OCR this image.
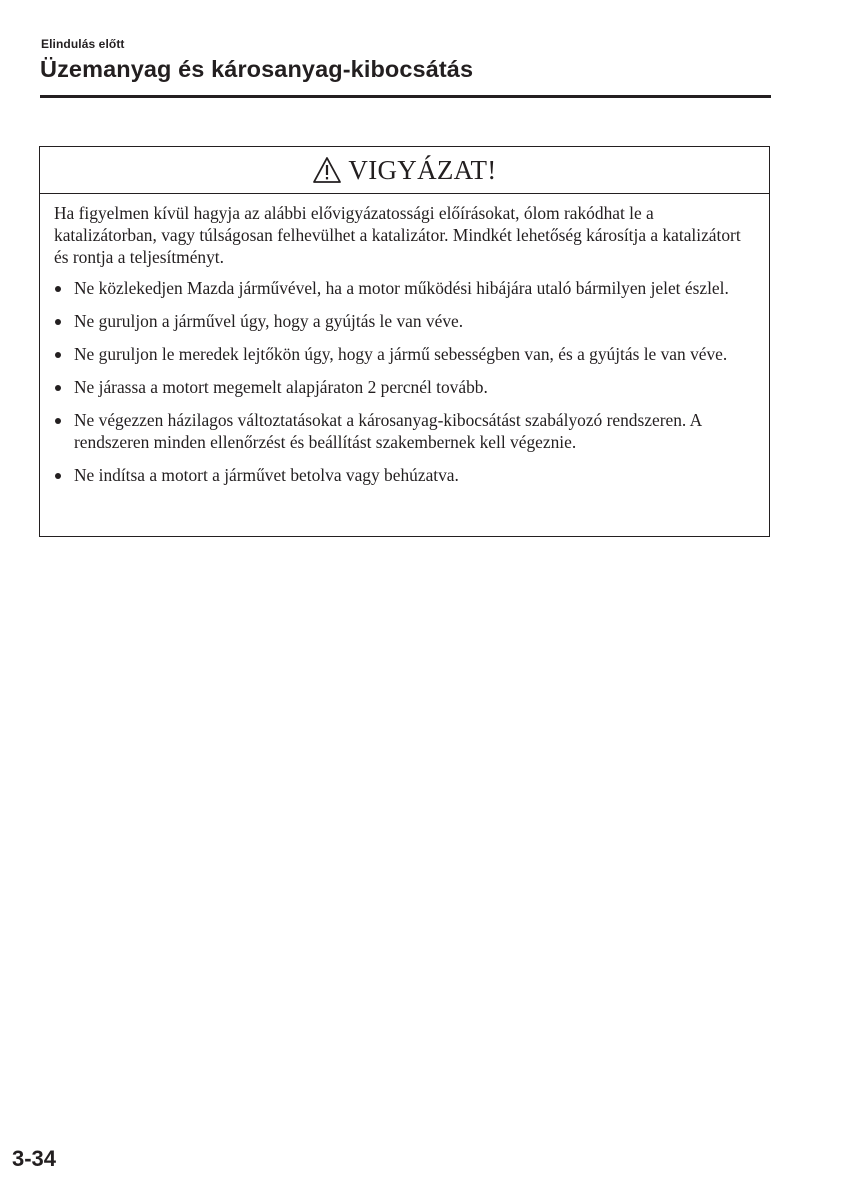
Elindulás előtt
Üzemanyag és károsanyag-kibocsátás
VIGYÁZAT!

Ha figyelmen kívül hagyja az alábbi elővigyázatossági előírásokat, ólom rakódhat le a katalizátorban, vagy túlságosan felhevülhet a katalizátor. Mindkét lehetőség károsítja a katalizátort és rontja a teljesítményt.

Ne közlekedjen Mazda járművével, ha a motor működési hibájára utaló bármilyen jelet észlel.
Ne guruljon a járművel úgy, hogy a gyújtás le van véve.
Ne guruljon le meredek lejtőkön úgy, hogy a jármű sebességben van, és a gyújtás le van véve.
Ne járassa a motort megemelt alapjáraton 2 percnél tovább.
Ne végezzen házilagos változtatásokat a károsanyag-kibocsátást szabályozó rendszeren. A rendszeren minden ellenőrzést és beállítást szakembernek kell végeznie.
Ne indítsa a motort a járművet betolva vagy behúzatva.
3-34
